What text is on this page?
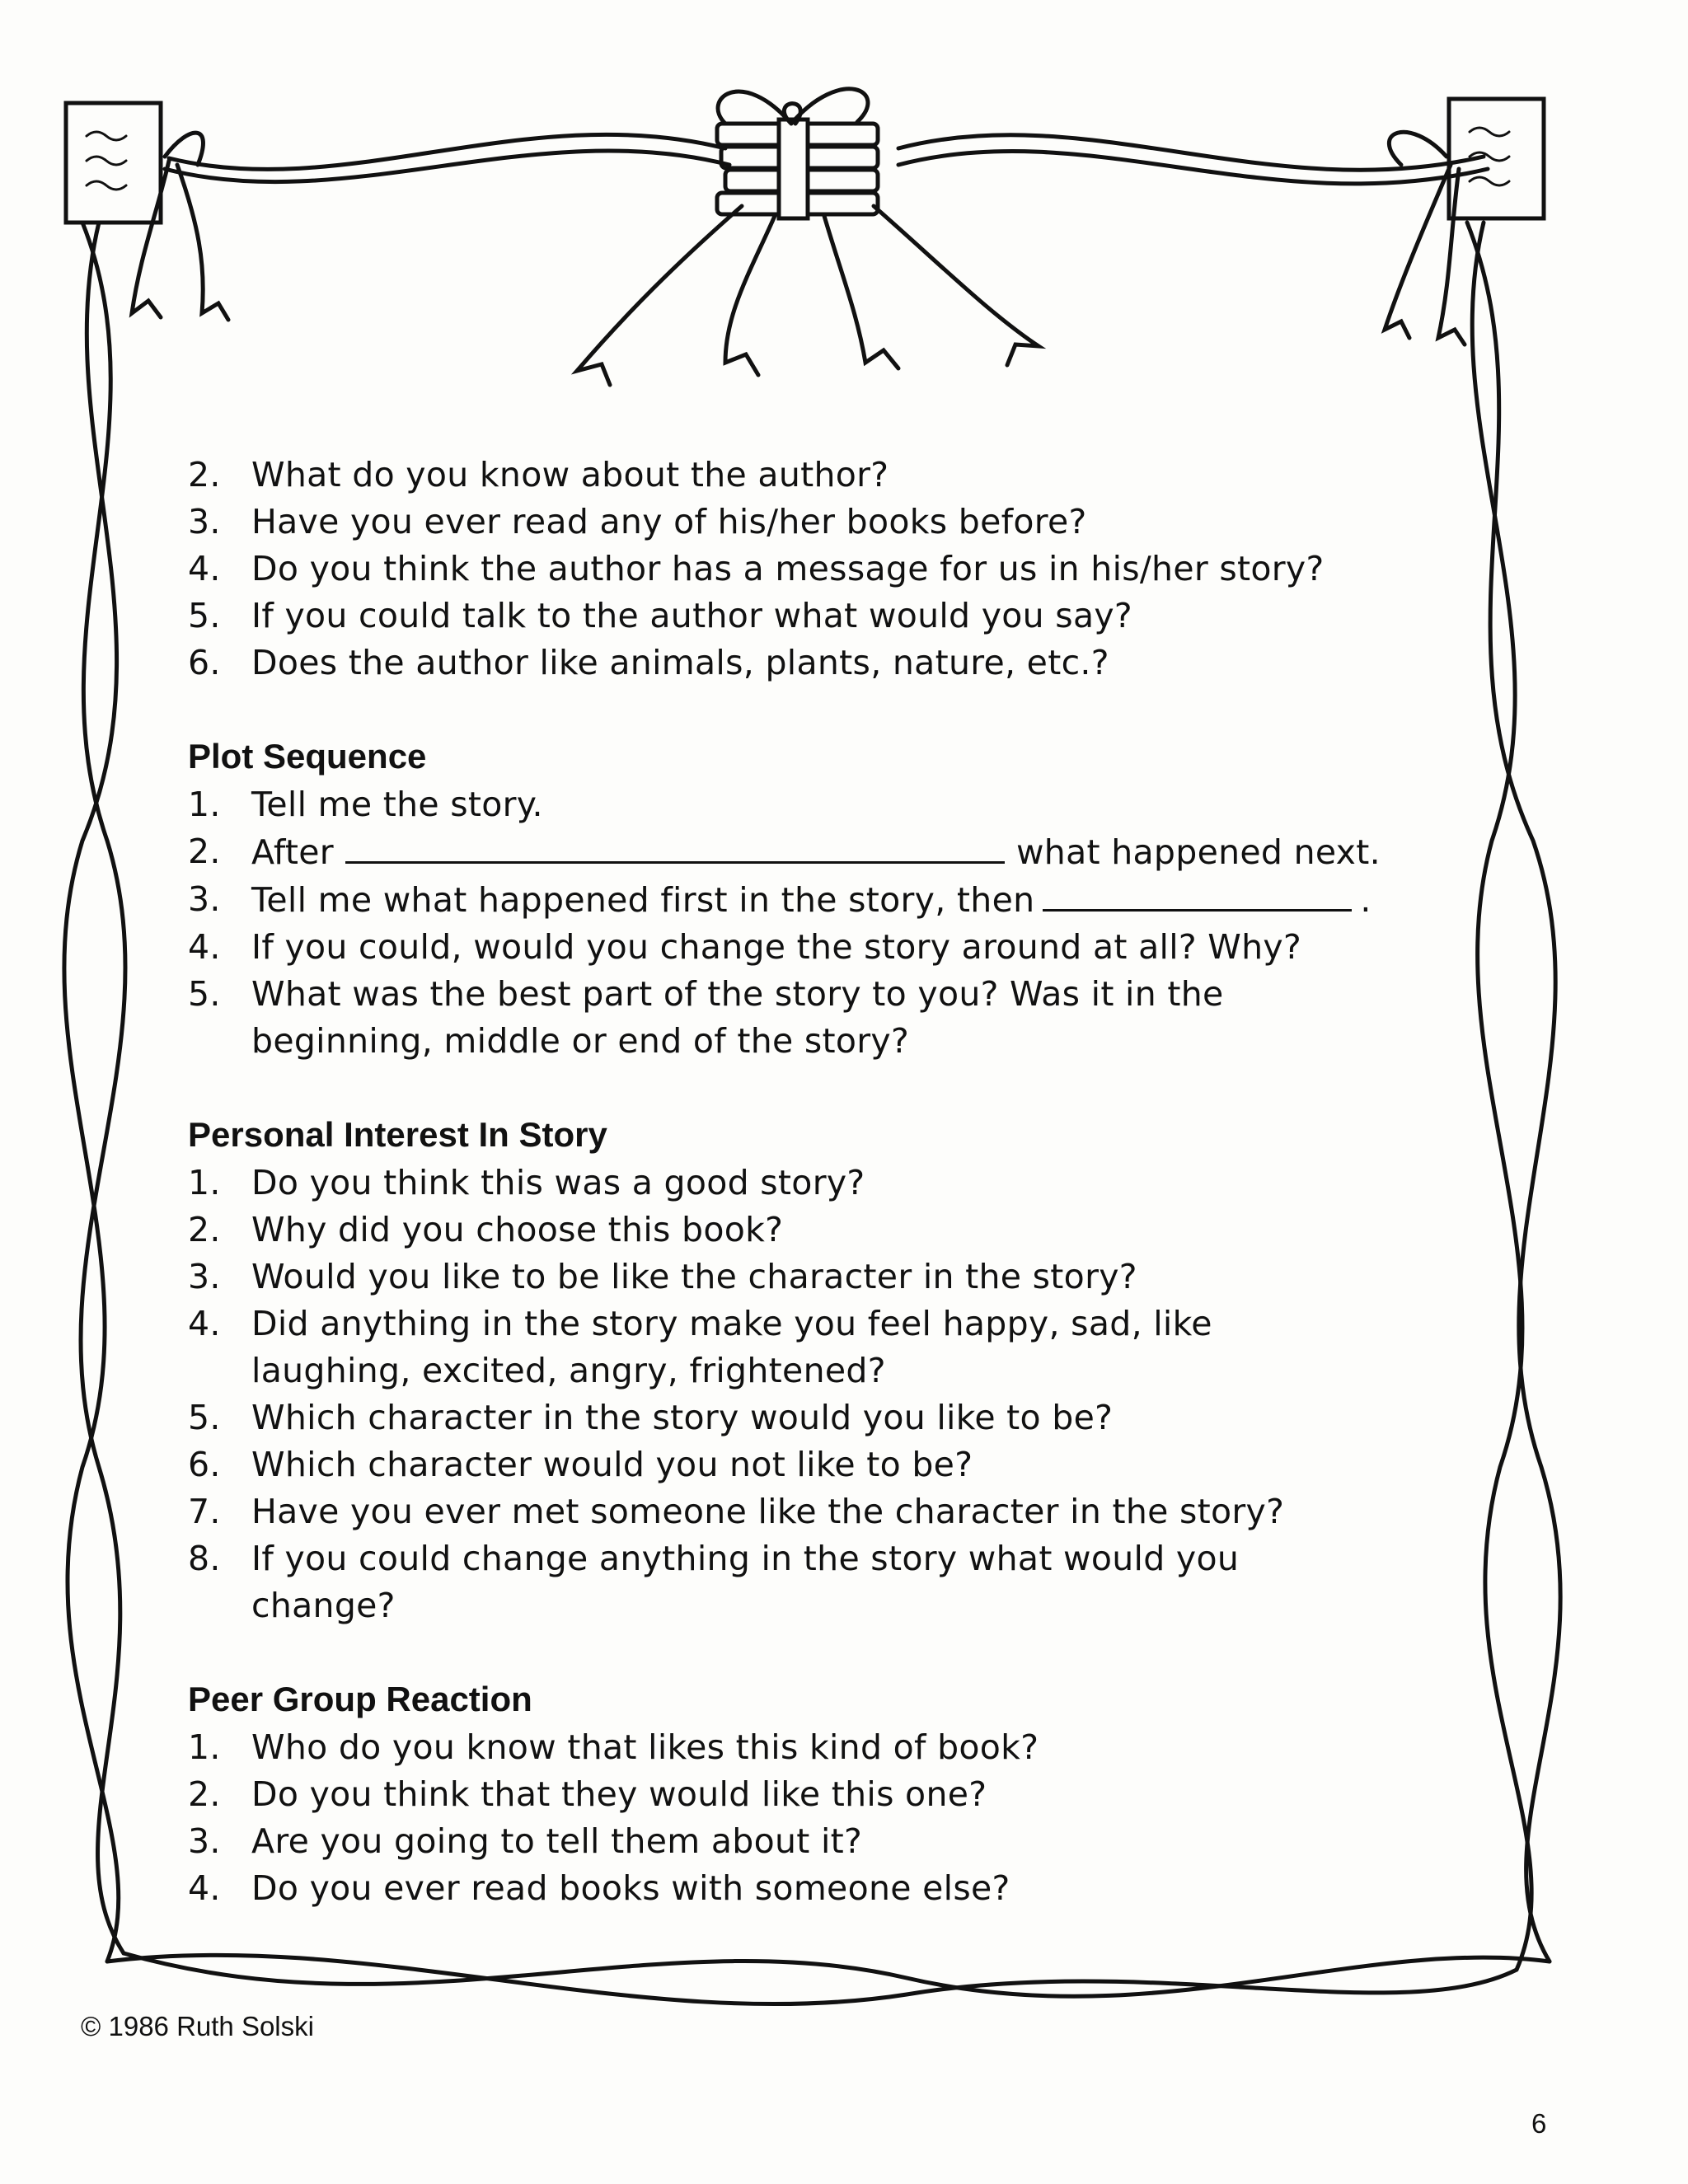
2. What do you know about the author?
3. Have you ever read any of his/her books before?
4. Do you think the author has a message for us in his/her story?
5. If you could talk to the author what would you say?
6. Does the author like animals, plants, nature, etc.?
Plot Sequence
1. Tell me the story.
2. After	what happened next.
3. Tell me what happened first in the story, then	.
4. If you could, would you change the story around at all? Why?
5. What was the best part of the story to you? Was it in the
beginning, middle or end of the story?
Personal Interest In Story
1. Do you think this was a good story?
2. Why did you choose this book?
3. Would you like to be like the character in the story?
4. Did anything in the story make you feel happy, sad, like
laughing, excited, angry, frightened?
5. Which character in the story would you like to be?
6. Which character would you not like to be?
7. Have you ever met someone like the character in the story?
8. If you could change anything in the story what would you
change?
Peer Group Reaction
1. Who do you know that likes this kind of book?
2. Do you think that they would like this one?
3. Are you going to tell them about it?
4. Do you ever read books with someone else?
© 1986 Ruth Solski
6
